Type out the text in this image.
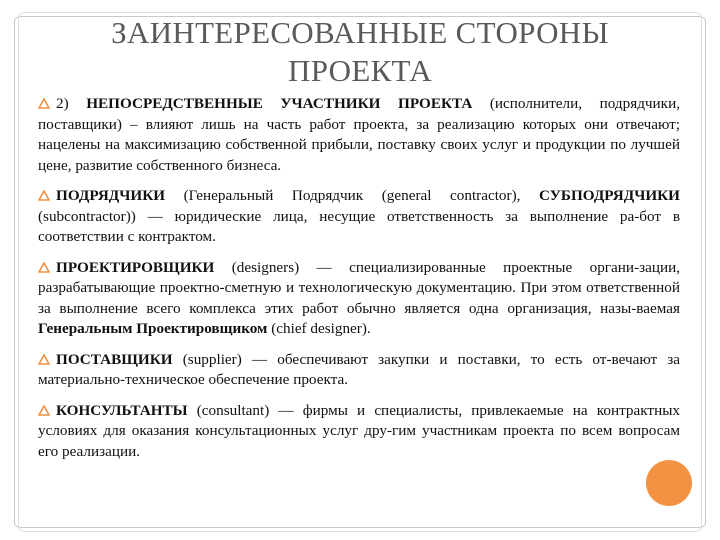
ЗАИНТЕРЕСОВАННЫЕ СТОРОНЫ ПРОЕКТА

2) НЕПОСРЕДСТВЕННЫЕ УЧАСТНИКИ ПРОЕКТА (исполнители, подрядчики, поставщики) – влияют лишь на часть работ проекта, за реализацию которых они отвечают; нацелены на максимизацию собственной прибыли, поставку своих услуг и продукции по лучшей цене, развитие собственного бизнеса.

ПОДРЯДЧИКИ (Генеральный Подрядчик (general contractor), СУБПОДРЯДЧИКИ (subcontractor)) — юридические лица, несущие ответственность за выполнение ра-бот в соответствии с контрактом.

ПРОЕКТИРОВЩИКИ (designers) — специализированные проектные органи-зации, разрабатывающие проектно-сметную и технологическую документацию. При этом ответственной за выполнение всего комплекса этих работ обычно является одна организация, назы-ваемая Генеральным Проектировщиком (chief designer).

ПОСТАВЩИКИ (supplier) — обеспечивают закупки и поставки, то есть от-вечают за материально-техническое обеспечение проекта.

КОНСУЛЬТАНТЫ (consultant) — фирмы и специалисты, привлекаемые на контрактных условиях для оказания консультационных услуг дру-гим участникам проекта по всем вопросам его реализации.
